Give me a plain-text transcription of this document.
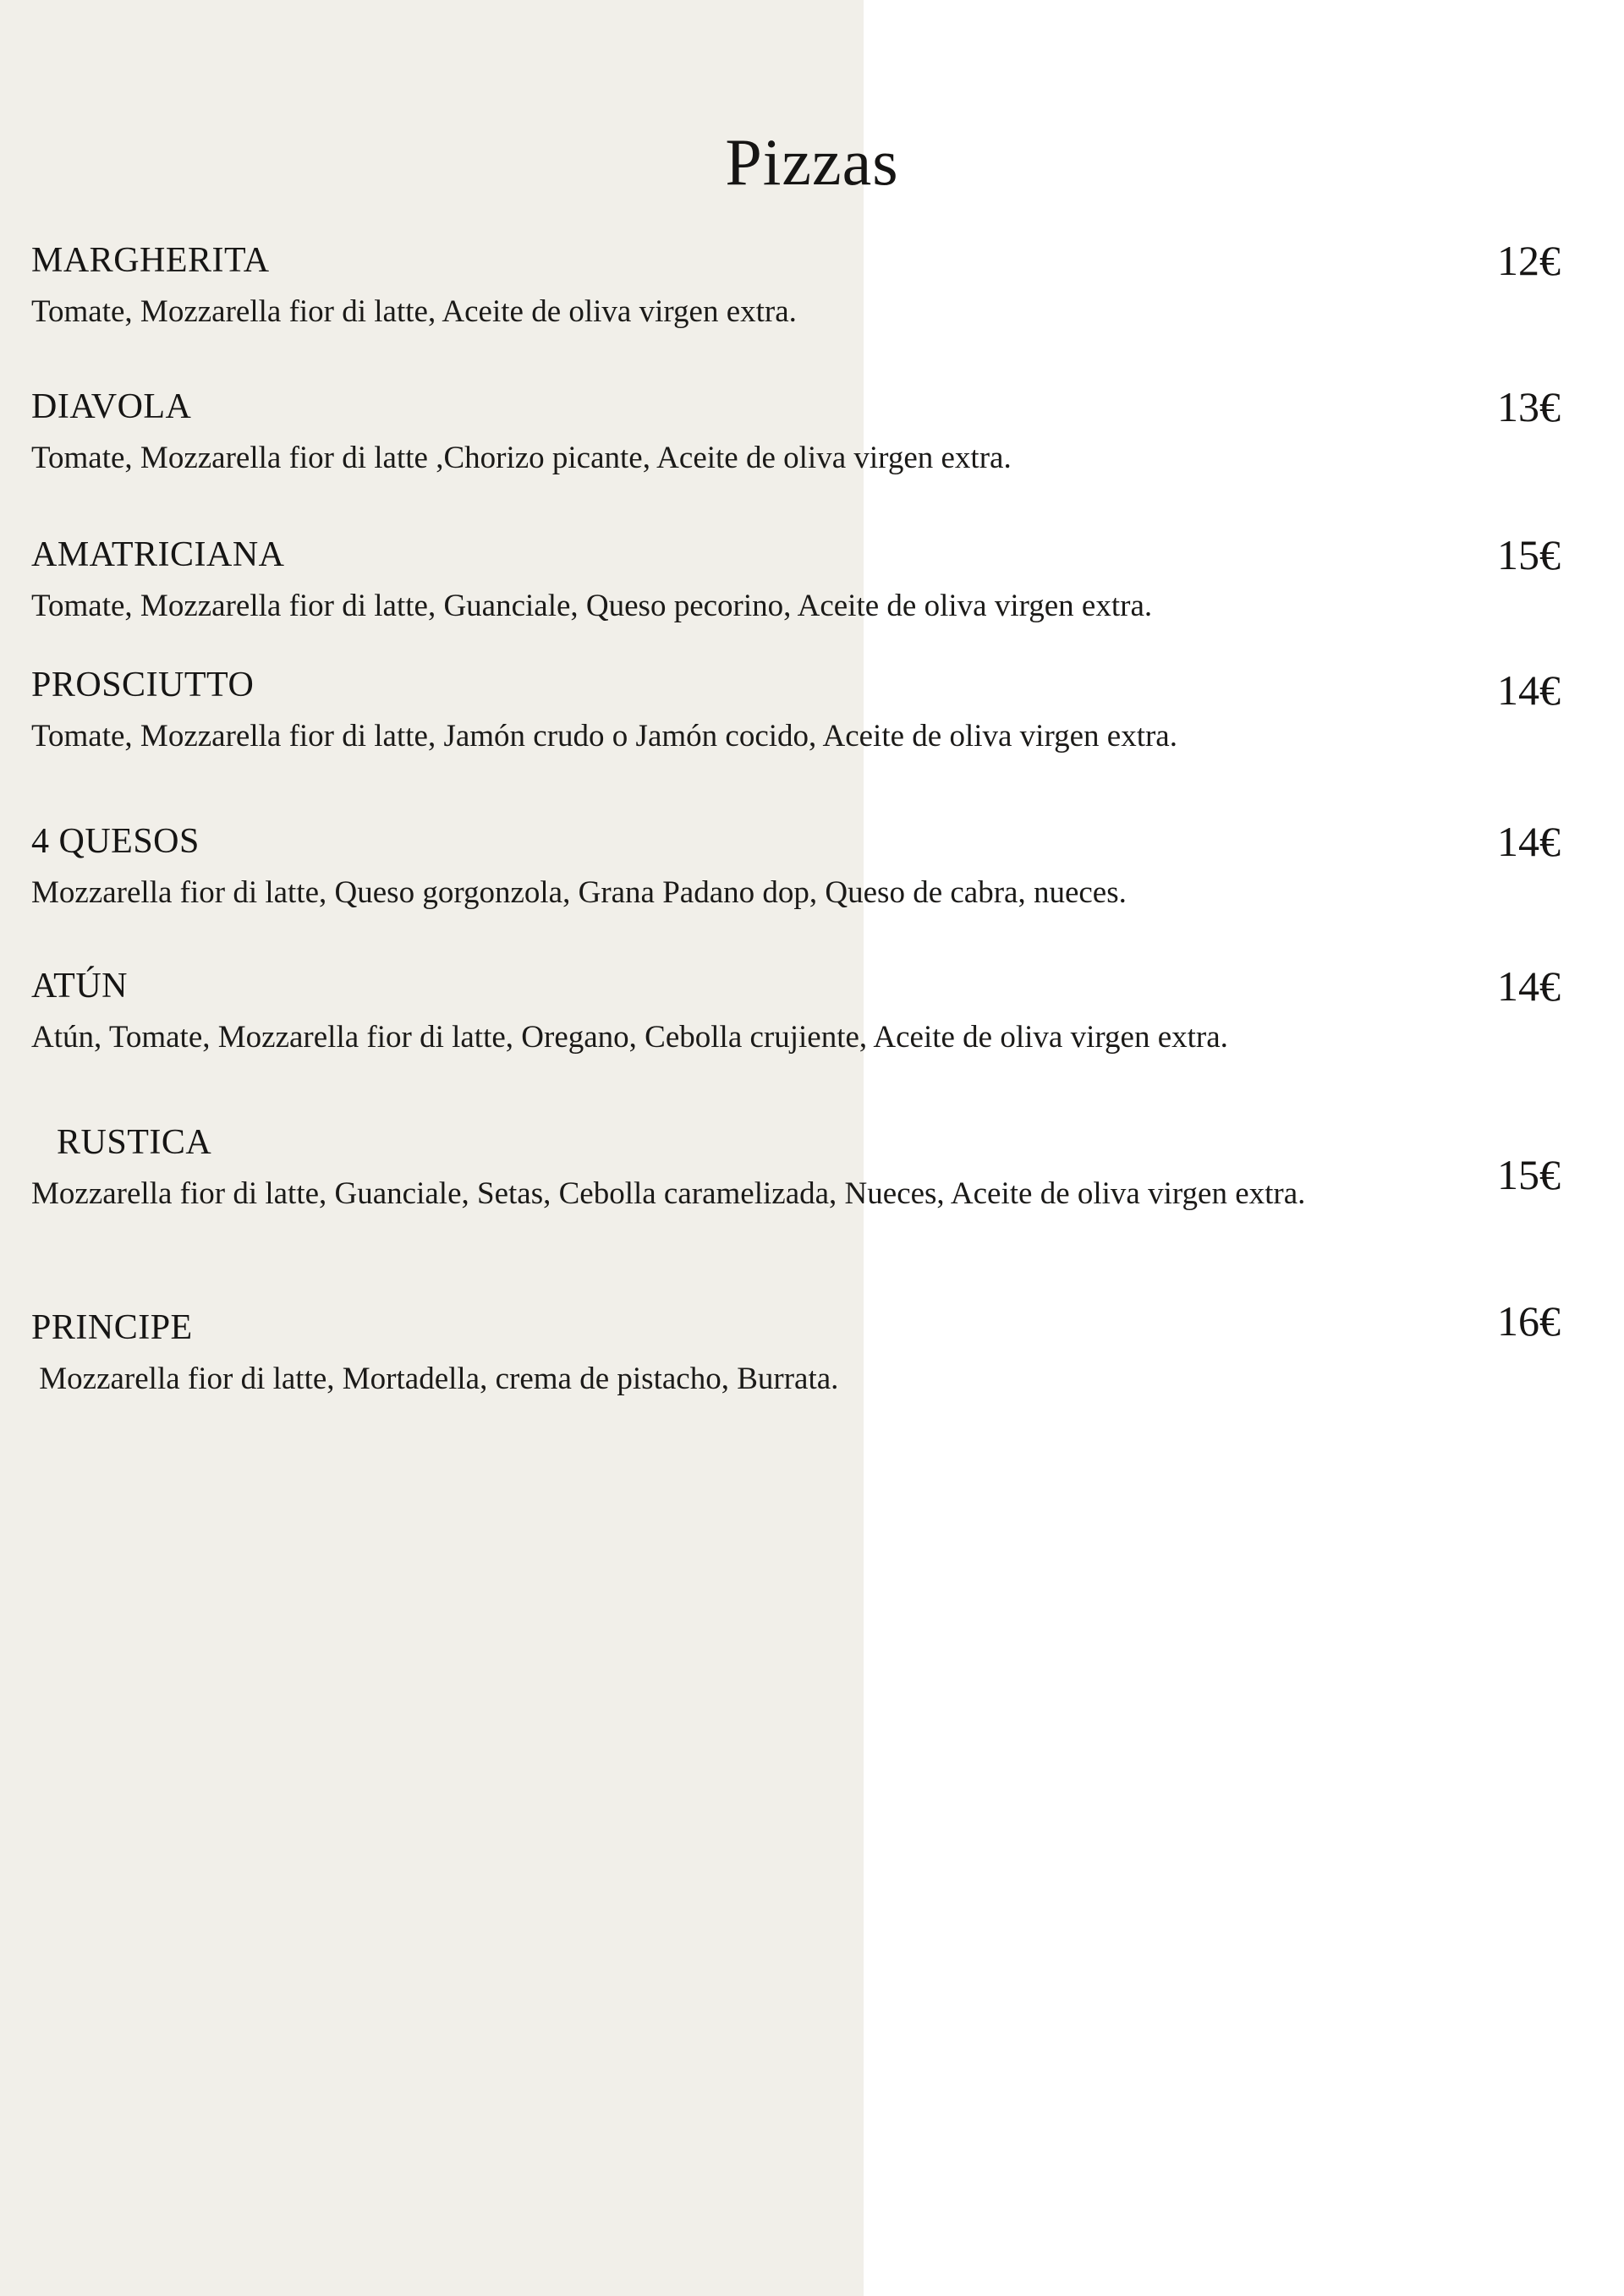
Pizzas
MARGHERITA
Tomate, Mozzarella fior di latte, Aceite de oliva virgen extra.
12€
DIAVOLA
Tomate, Mozzarella fior di latte ,Chorizo picante, Aceite de oliva virgen extra.
13€
AMATRICIANA
Tomate, Mozzarella fior di latte, Guanciale, Queso pecorino, Aceite de oliva virgen extra.
15€
PROSCIUTTO
Tomate, Mozzarella fior di latte, Jamón crudo o Jamón cocido, Aceite de oliva virgen extra.
14€
4 QUESOS
Mozzarella fior di latte, Queso gorgonzola, Grana Padano dop, Queso de cabra, nueces.
14€
ATÚN
Atún, Tomate, Mozzarella fior di latte, Oregano, Cebolla crujiente, Aceite de oliva virgen extra.
14€
RUSTICA
Mozzarella fior di latte, Guanciale, Setas, Cebolla caramelizada, Nueces, Aceite de oliva virgen extra.	15€
PRINCIPE
Mozzarella fior di latte, Mortadella, crema de pistacho, Burrata.
16€
